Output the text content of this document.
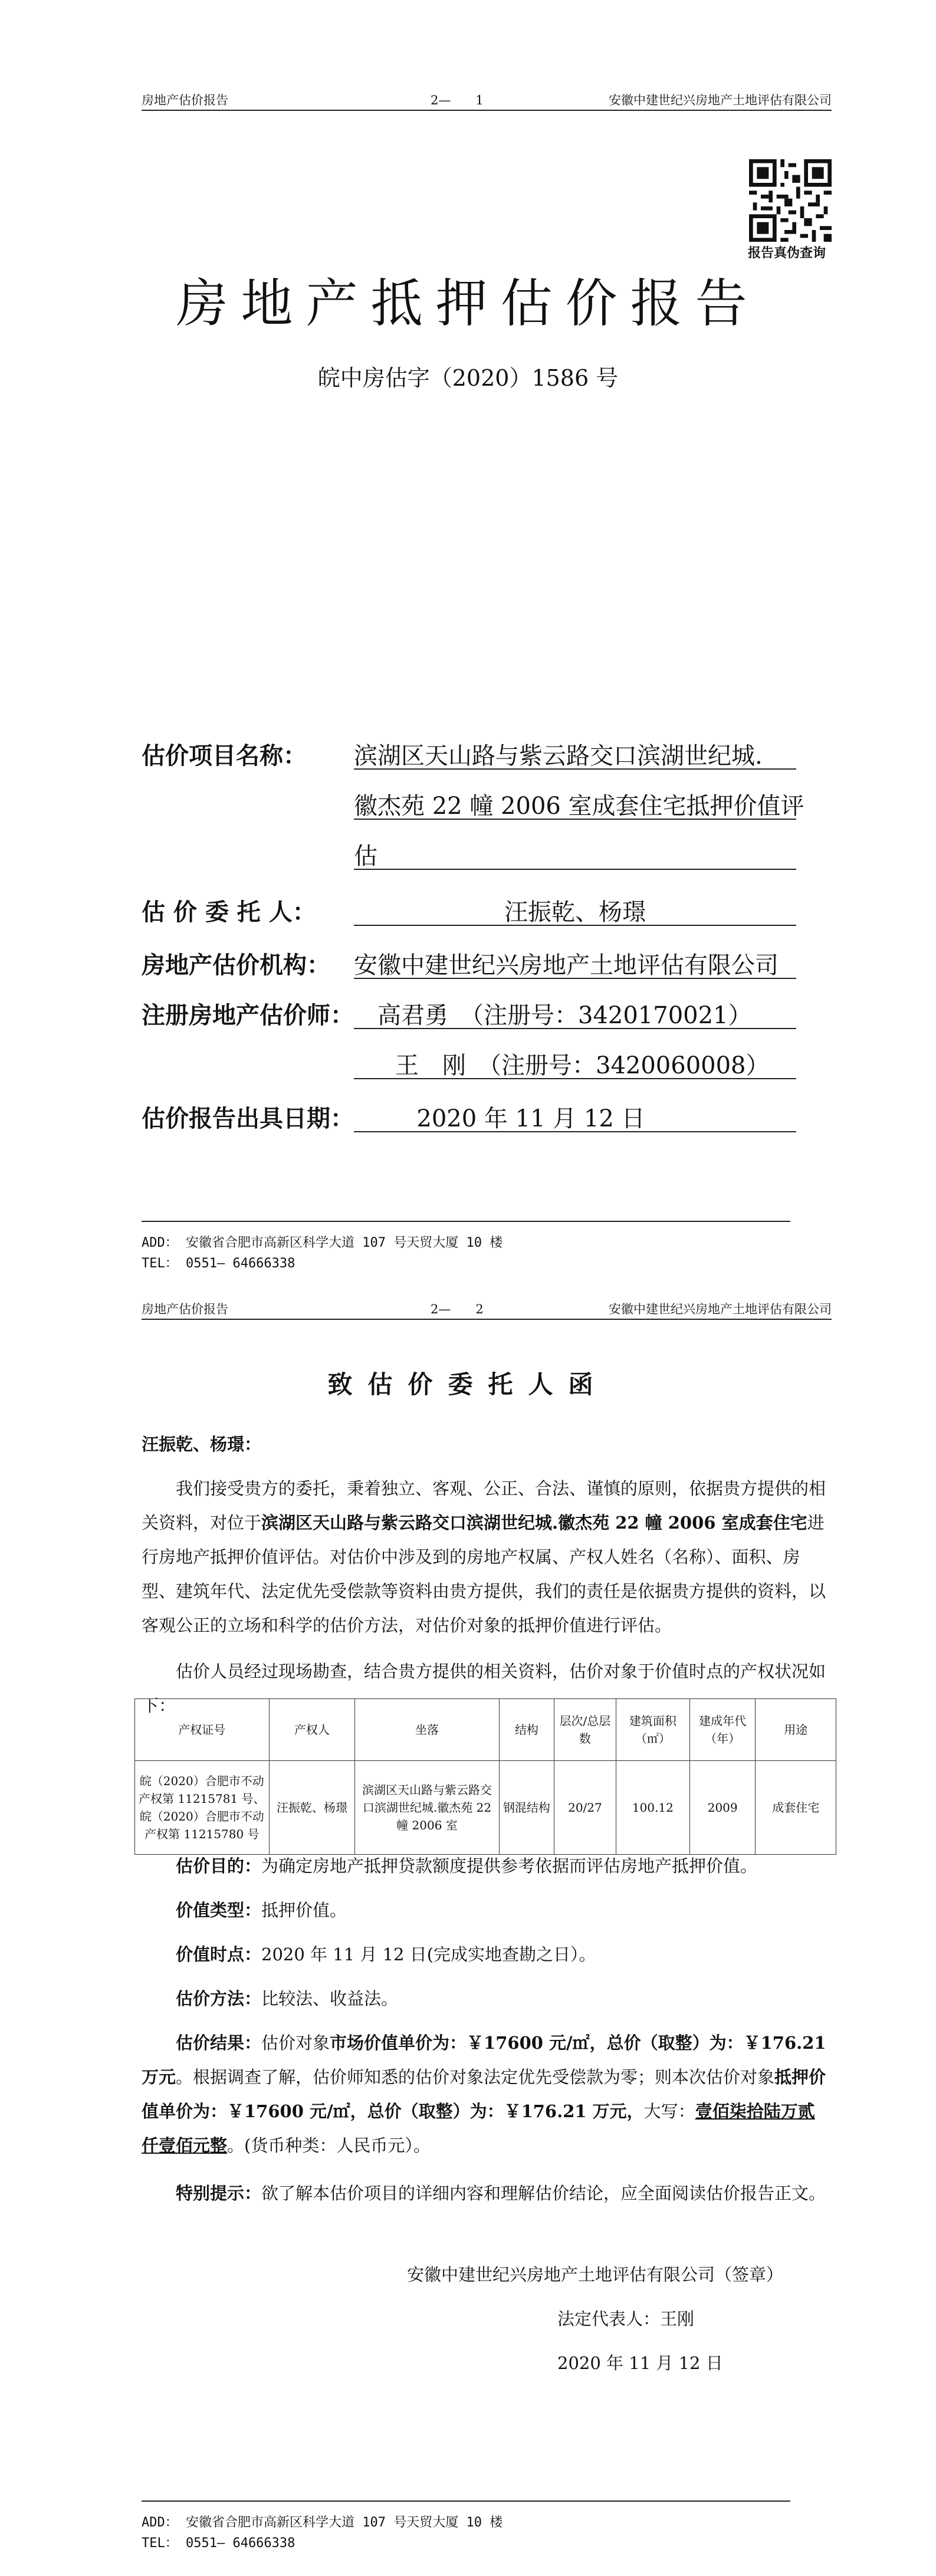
房地产估价报告	2—　　1	安徽中建世纪兴房地产土地评估有限公司
报告真伪查询
房地产抵押估价报告
皖中房估字（2020）1586 号
估价项目名称： 滨湖区天山路与紫云路交口滨湖世纪城.
徽杰苑 22 幢 2006 室成套住宅抵押价值评
估
估 价 委 托 人：	汪振乾、杨璟
房地产估价机构： 安徽中建世纪兴房地产土地评估有限公司
注册房地产估价师： 高君勇　（注册号：3420170021）
王　刚　（注册号：3420060008）
估价报告出具日期：	2020 年 11 月 12 日
ADD： 安徽省合肥市高新区科学大道 107 号天贸大厦 10 楼
TEL： 0551— 64666338
房地产估价报告	2—　　2	安徽中建世纪兴房地产土地评估有限公司
致估价委托人函
汪振乾、杨璟：
我们接受贵方的委托，秉着独立、客观、公正、合法、谨慎的原则，依据贵方提供的相关资料，对位于滨湖区天山路与紫云路交口滨湖世纪城.徽杰苑 22 幢 2006 室成套住宅进行房地产抵押价值评估。对估价中涉及到的房地产权属、产权人姓名（名称）、面积、房型、建筑年代、法定优先受偿款等资料由贵方提供，我们的责任是依据贵方提供的资料，以客观公正的立场和科学的估价方法，对估价对象的抵押价值进行评估。
估价人员经过现场勘查，结合贵方提供的相关资料，估价对象于价值时点的产权状况如下：
产权证号	产权人	坐落	结构	层次/总层数	建筑面积（㎡）	建成年代（年）	用途
皖（2020）合肥市不动产权第 11215781 号、皖（2020）合肥市不动产权第 11215780 号	汪振乾、杨璟	滨湖区天山路与紫云路交口滨湖世纪城.徽杰苑 22 幢 2006 室	钢混结构	20/27	100.12	2009	成套住宅
估价目的：为确定房地产抵押贷款额度提供参考依据而评估房地产抵押价值。
价值类型：抵押价值。
价值时点：2020 年 11 月 12 日(完成实地查勘之日）。
估价方法：比较法、收益法。
估价结果：估价对象市场价值单价为：￥17600 元/㎡，总价（取整）为：￥176.21 万元。根据调查了解，估价师知悉的估价对象法定优先受偿款为零；则本次估价对象抵押价值单价为：￥17600 元/㎡，总价（取整）为：￥176.21 万元，大写：壹佰柒拾陆万贰仟壹佰元整。(货币种类：人民币元）。
特别提示：欲了解本估价项目的详细内容和理解估价结论，应全面阅读估价报告正文。
安徽中建世纪兴房地产土地评估有限公司（签章）
法定代表人：王刚
2020 年 11 月 12 日
ADD： 安徽省合肥市高新区科学大道 107 号天贸大厦 10 楼
TEL： 0551— 64666338
